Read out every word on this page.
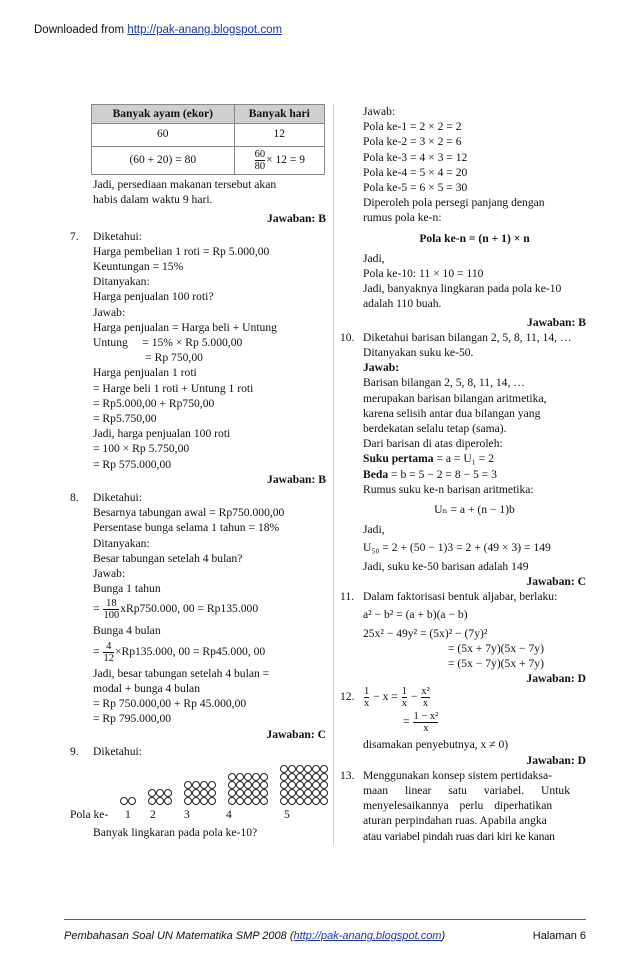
Downloaded from http://pak-anang.blogspot.com
Banyak ayam (ekor)	Banyak hari
60	12
(60 + 20) = 80	$\frac{60}{80} \times 12 = 9$
Jadi, persediaan makanan tersebut akan
habis dalam waktu 9 hari.
Jawaban: B
7. Diketahui:
Harga pembelian 1 roti = Rp 5.000,00
Keuntungan = 15%
Ditanyakan:
Harga penjualan 100 roti?
Jawab:
Harga penjualan = Harga beli + Untung
Untung     = 15% × Rp 5.000,00
= Rp 750,00
Harga penjualan 1 roti
= Harge beli 1 roti + Untung 1 roti
= Rp5.000,00 + Rp750,00
= Rp5.750,00
Jadi, harga penjualan 100 roti
= 100 × Rp 5.750,00
= Rp 575.000,00
Jawaban: B
8. Diketahui:
Besarnya tabungan awal = Rp750.000,00
Persentase bunga selama 1 tahun = 18%
Ditanyakan:
Besar tabungan setelah 4 bulan?
Jawab:
Bunga 1 tahun
= $\frac{18}{100} xRp750.000$, 00 = Rp135.000
Bunga 4 bulan
= $\frac{4}{12} \times Rp135.000$, 00 = Rp45.000, 00
Jadi, besar tabungan setelah 4 bulan =
modal + bunga 4 bulan
= Rp 750.000,00 + Rp 45.000,00
= Rp 795.000,00
Jawaban: C
9. Diketahui:
Pola ke- 1 2 3	4	5
Banyak lingkaran pada pola ke-10?
Jawab:
Pola ke-1 = 2 × 2 = 2
Pola ke-2 = 3 × 2 = 6
Pola ke-3 = 4 × 3 = 12
Pola ke-4 = 5 × 4 = 20
Pola ke-5 = 6 × 5 = 30
Diperoleh pola persegi panjang dengan
rumus pola ke-n:
Pola ke-n = (n + 1) × n
Jadi,
Pola ke-10: 11 × 10 = 110
Jadi, banyaknya lingkaran pada pola ke-10
adalah 110 buah.
Jawaban: B
10. Diketahui barisan bilangan 2, 5, 8, 11, 14, …
Ditanyakan suku ke-50.
Jawab:
Barisan bilangan 2, 5, 8, 11, 14, …
merupakan barisan bilangan aritmetika,
karena selisih antar dua bilangan yang
berdekatan selalu tetap (sama).
Dari barisan di atas diperoleh:
Suku pertama = a = U₁ = 2
Beda = b = 5 − 2 = 8 − 5 = 3
Rumus suku ke-n barisan aritmetika:
Uₙ = a + (n − 1)b
Jadi,
U₅₀ = 2 + (50 − 1)3 = 2 + (49 × 3) = 149
Jadi, suku ke-50 barisan adalah 149
Jawaban: C
11. Dalam faktorisasi bentuk aljabar, berlaku:
a² − b² = (a + b)(a − b)
25x² − 49y² = (5x)² − (7y)²
= (5x + 7y)(5x − 7y)
= (5x − 7y)(5x + 7y)
Jawaban: D
12. $\frac{1}{x} - x = \frac{1}{x} - \frac{\text{x²}}{x}$
= $\frac{\text{1 − x²}}{x}$
disamakan penyebutnya, x ≠ 0)
Jawaban: D
13. Menggunakan konsep sistem pertidaksa-
maan linear satu variabel. Untuk
menyelesaikannya perlu diperhatikan
aturan perpindahan ruas. Apabila angka
atau variabel pindah ruas dari kiri ke kanan
Pembahasan Soal UN Matematika SMP 2008 (http://pak-anang.blogspot.com)	Halaman 6
